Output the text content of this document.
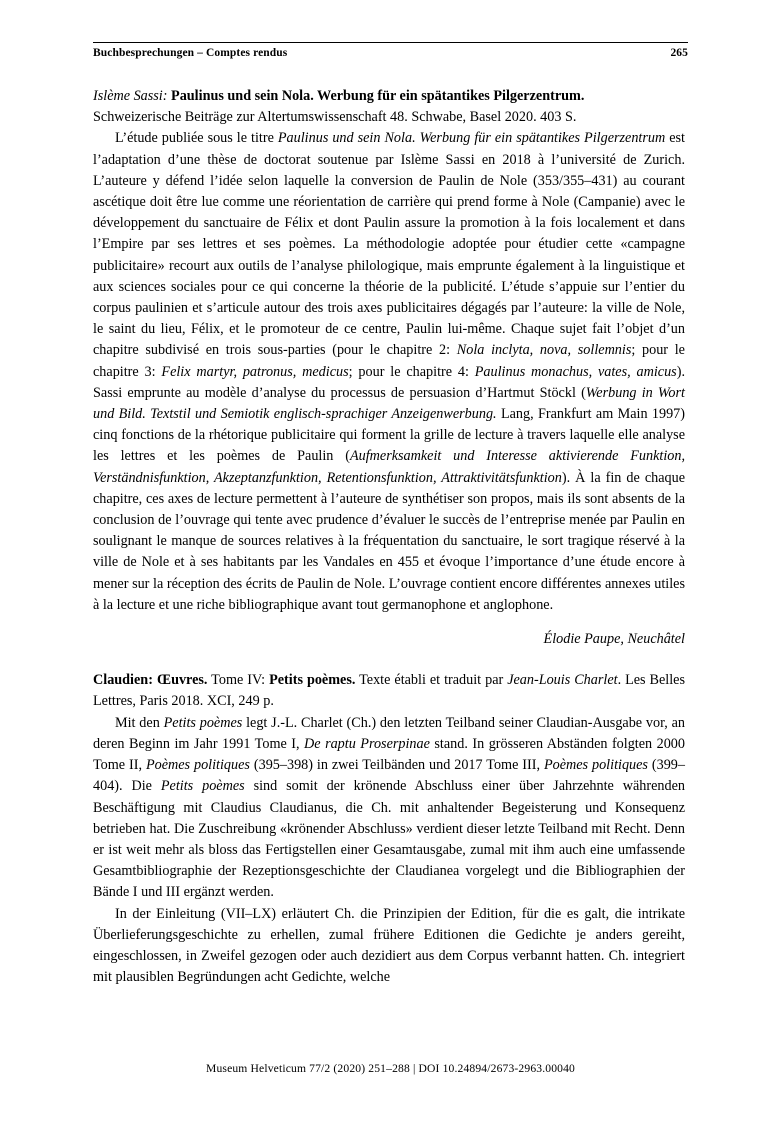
Buchbesprechungen – Comptes rendus	265
Islème Sassi: Paulinus und sein Nola. Werbung für ein spätantikes Pilgerzentrum.
Schweizerische Beiträge zur Altertumswissenschaft 48. Schwabe, Basel 2020. 403 S.

L’étude publiée sous le titre Paulinus und sein Nola. Werbung für ein spätantikes Pilgerzentrum est l’adaptation d’une thèse de doctorat soutenue par Islème Sassi en 2018 à l’université de Zurich. L’auteure y défend l’idée selon laquelle la conversion de Paulin de Nole (353/355–431) au courant ascétique doit être lue comme une réorientation de carrière qui prend forme à Nole (Campanie) avec le développement du sanctuaire de Félix et dont Paulin assure la promotion à la fois localement et dans l’Empire par ses lettres et ses poèmes. La méthodologie adoptée pour étudier cette «campagne publicitaire» recourt aux outils de l’analyse philologique, mais emprunte également à la linguistique et aux sciences sociales pour ce qui concerne la théorie de la publicité. L’étude s’appuie sur l’entier du corpus paulinien et s’articule autour des trois axes publicitaires dégagés par l’auteure: la ville de Nole, le saint du lieu, Félix, et le promoteur de ce centre, Paulin lui-même. Chaque sujet fait l’objet d’un chapitre subdivisé en trois sous-parties (pour le chapitre 2: Nola inclyta, nova, sollemnis; pour le chapitre 3: Felix martyr, patronus, medicus; pour le chapitre 4: Paulinus monachus, vates, amicus). Sassi emprunte au modèle d’analyse du processus de persuasion d’Hartmut Stöckl (Werbung in Wort und Bild. Textstil und Semiotik englisch-sprachiger Anzeigenwerbung. Lang, Frankfurt am Main 1997) cinq fonctions de la rhétorique publicitaire qui forment la grille de lecture à travers laquelle elle analyse les lettres et les poèmes de Paulin (Aufmerksamkeit und Interesse aktivierende Funktion, Verständnisfunktion, Akzeptanzfunktion, Retentionsfunktion, Attraktivitätsfunktion). À la fin de chaque chapitre, ces axes de lecture permettent à l’auteure de synthétiser son propos, mais ils sont absents de la conclusion de l’ouvrage qui tente avec prudence d’évaluer le succès de l’entreprise menée par Paulin en soulignant le manque de sources relatives à la fréquentation du sanctuaire, le sort tragique réservé à la ville de Nole et à ses habitants par les Vandales en 455 et évoque l’importance d’une étude encore à mener sur la réception des écrits de Paulin de Nole. L’ouvrage contient encore différentes annexes utiles à la lecture et une riche bibliographique avant tout germanophone et anglophone.

Élodie Paupe, Neuchâtel
Claudien: Œuvres. Tome IV: Petits poèmes. Texte établi et traduit par Jean-Louis Charlet. Les Belles Lettres, Paris 2018. XCI, 249 p.

Mit den Petits poèmes legt J.-L. Charlet (Ch.) den letzten Teilband seiner Claudian-Ausgabe vor, an deren Beginn im Jahr 1991 Tome I, De raptu Proserpinae stand. In grösseren Abständen folgten 2000 Tome II, Poèmes politiques (395–398) in zwei Teilbänden und 2017 Tome III, Poèmes politiques (399–404). Die Petits poèmes sind somit der krönende Abschluss einer über Jahrzehnte währenden Beschäftigung mit Claudius Claudianus, die Ch. mit anhaltender Begeisterung und Konsequenz betrieben hat. Die Zuschreibung «krönender Abschluss» verdient dieser letzte Teilband mit Recht. Denn er ist weit mehr als bloss das Fertigstellen einer Gesamtausgabe, zumal mit ihm auch eine umfassende Gesamtbibliographie der Rezeptionsgeschichte der Claudianea vorgelegt und die Bibliographien der Bände I und III ergänzt werden.

In der Einleitung (VII–LX) erläutert Ch. die Prinzipien der Edition, für die es galt, die intrikate Überlieferungsgeschichte zu erhellen, zumal frühere Editionen die Gedichte je anders gereiht, eingeschlossen, in Zweifel gezogen oder auch dezidiert aus dem Corpus verbannt hatten. Ch. integriert mit plausiblen Begründungen acht Gedichte, welche

Museum Helveticum 77/2 (2020) 251–288 | DOI 10.24894/2673-2963.00040
